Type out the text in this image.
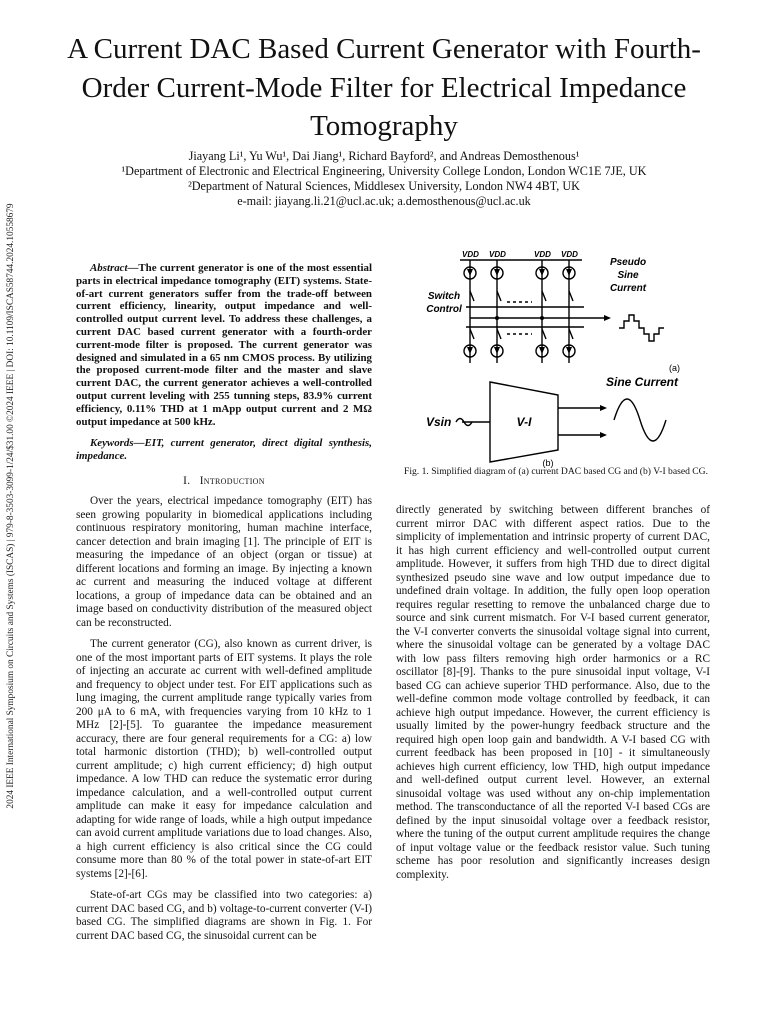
2024 IEEE International Symposium on Circuits and Systems (ISCAS) | 979-8-3503-3099-1/24/$31.00 ©2024 IEEE | DOI: 10.1109/ISCAS58744.2024.10558679
A Current DAC Based Current Generator with Fourth-Order Current-Mode Filter for Electrical Impedance Tomography
Jiayang Li¹, Yu Wu¹, Dai Jiang¹, Richard Bayford², and Andreas Demosthenous¹
¹Department of Electronic and Electrical Engineering, University College London, London WC1E 7JE, UK
²Department of Natural Sciences, Middlesex University, London NW4 4BT, UK
e-mail: jiayang.li.21@ucl.ac.uk; a.demosthenous@ucl.ac.uk

Abstract—The current generator is one of the most essential parts in electrical impedance tomography (EIT) systems. State-of-art current generators suffer from the trade-off between current efficiency, linearity, output impedance and well-controlled output current level. To address these challenges, a current DAC based current generator with a fourth-order current-mode filter is proposed. The current generator was designed and simulated in a 65 nm CMOS process. By utilizing the proposed current-mode filter and the master and slave current DAC, the current generator achieves a well-controlled output current leveling with 255 tunning steps, 83.9% current efficiency, 0.11% THD at 1 mApp output current and 2 MΩ output impedance at 500 kHz.

Keywords—EIT, current generator, direct digital synthesis, impedance.

I. Introduction

Over the years, electrical impedance tomography (EIT) has seen growing popularity in biomedical applications including continuous respiratory monitoring, human machine interface, cancer detection and brain imaging [1]. The principle of EIT is measuring the impedance of an object (organ or tissue) at different locations and forming an image. By injecting a known ac current and measuring the induced voltage at different locations, a group of impedance data can be obtained and an image based on conductivity distribution of the measured object can be reconstructed.

The current generator (CG), also known as current driver, is one of the most important parts of EIT systems. It plays the role of injecting an accurate ac current with well-defined amplitude and frequency to object under test. For EIT applications such as lung imaging, the current amplitude range typically varies from 200 μA to 6 mA, with frequencies varying from 10 kHz to 1 MHz [2]-[5]. To guarantee the impedance measurement accuracy, there are four general requirements for a CG: a) low total harmonic distortion (THD); b) well-controlled output current amplitude; c) high current efficiency; d) high output impedance. A low THD can reduce the systematic error during impedance calculation, and a well-controlled output current amplitude can make it easy for impedance calculation and adapting for wide range of loads, while a high output impedance can avoid current amplitude variations due to load changes. Also, a high current efficiency is also critical since the CG could consume more than 80 % of the total power in state-of-art EIT systems [2]-[6].

State-of-art CGs may be classified into two categories: a) current DAC based CG, and b) voltage-to-current converter (V-I) based CG. The simplified diagrams are shown in Fig. 1. For current DAC based CG, the sinusoidal current can be

VDD VDD	VDD VDD
Switch
Control
Pseudo
Sine
Current
(a)
Sine Current
Vsin	V-I
(b)
Fig. 1. Simplified diagram of (a) current DAC based CG and (b) V-I based CG.

directly generated by switching between different branches of current mirror DAC with different aspect ratios. Due to the simplicity of implementation and intrinsic property of current DAC, it has high current efficiency and well-controlled output current amplitude. However, it suffers from high THD due to direct digital synthesized pseudo sine wave and low output impedance due to undefined drain voltage. In addition, the fully open loop operation requires regular resetting to remove the unbalanced charge due to source and sink current mismatch. For V-I based current generator, the V-I converter converts the sinusoidal voltage signal into current, where the sinusoidal voltage can be generated by a voltage DAC with low pass filters removing high order harmonics or a RC oscillator [8]-[9]. Thanks to the pure sinusoidal input voltage, V-I based CG can achieve superior THD performance. Also, due to the well-define common mode voltage controlled by feedback, it can achieve high output impedance. However, the current efficiency is usually limited by the power-hungry feedback structure and the required high open loop gain and bandwidth. A V-I based CG with current feedback has been proposed in [10] - it simultaneously achieves high current efficiency, low THD, high output impedance and well-defined output current level. However, an external sinusoidal voltage was used without any on-chip implementation method. The transconductance of all the reported V-I based CGs are defined by the input sinusoidal voltage over a feedback resistor, where the tuning of the output current amplitude requires the change of input voltage value or the feedback resistor value. Such tuning scheme has poor resolution and significantly increases design complexity.
